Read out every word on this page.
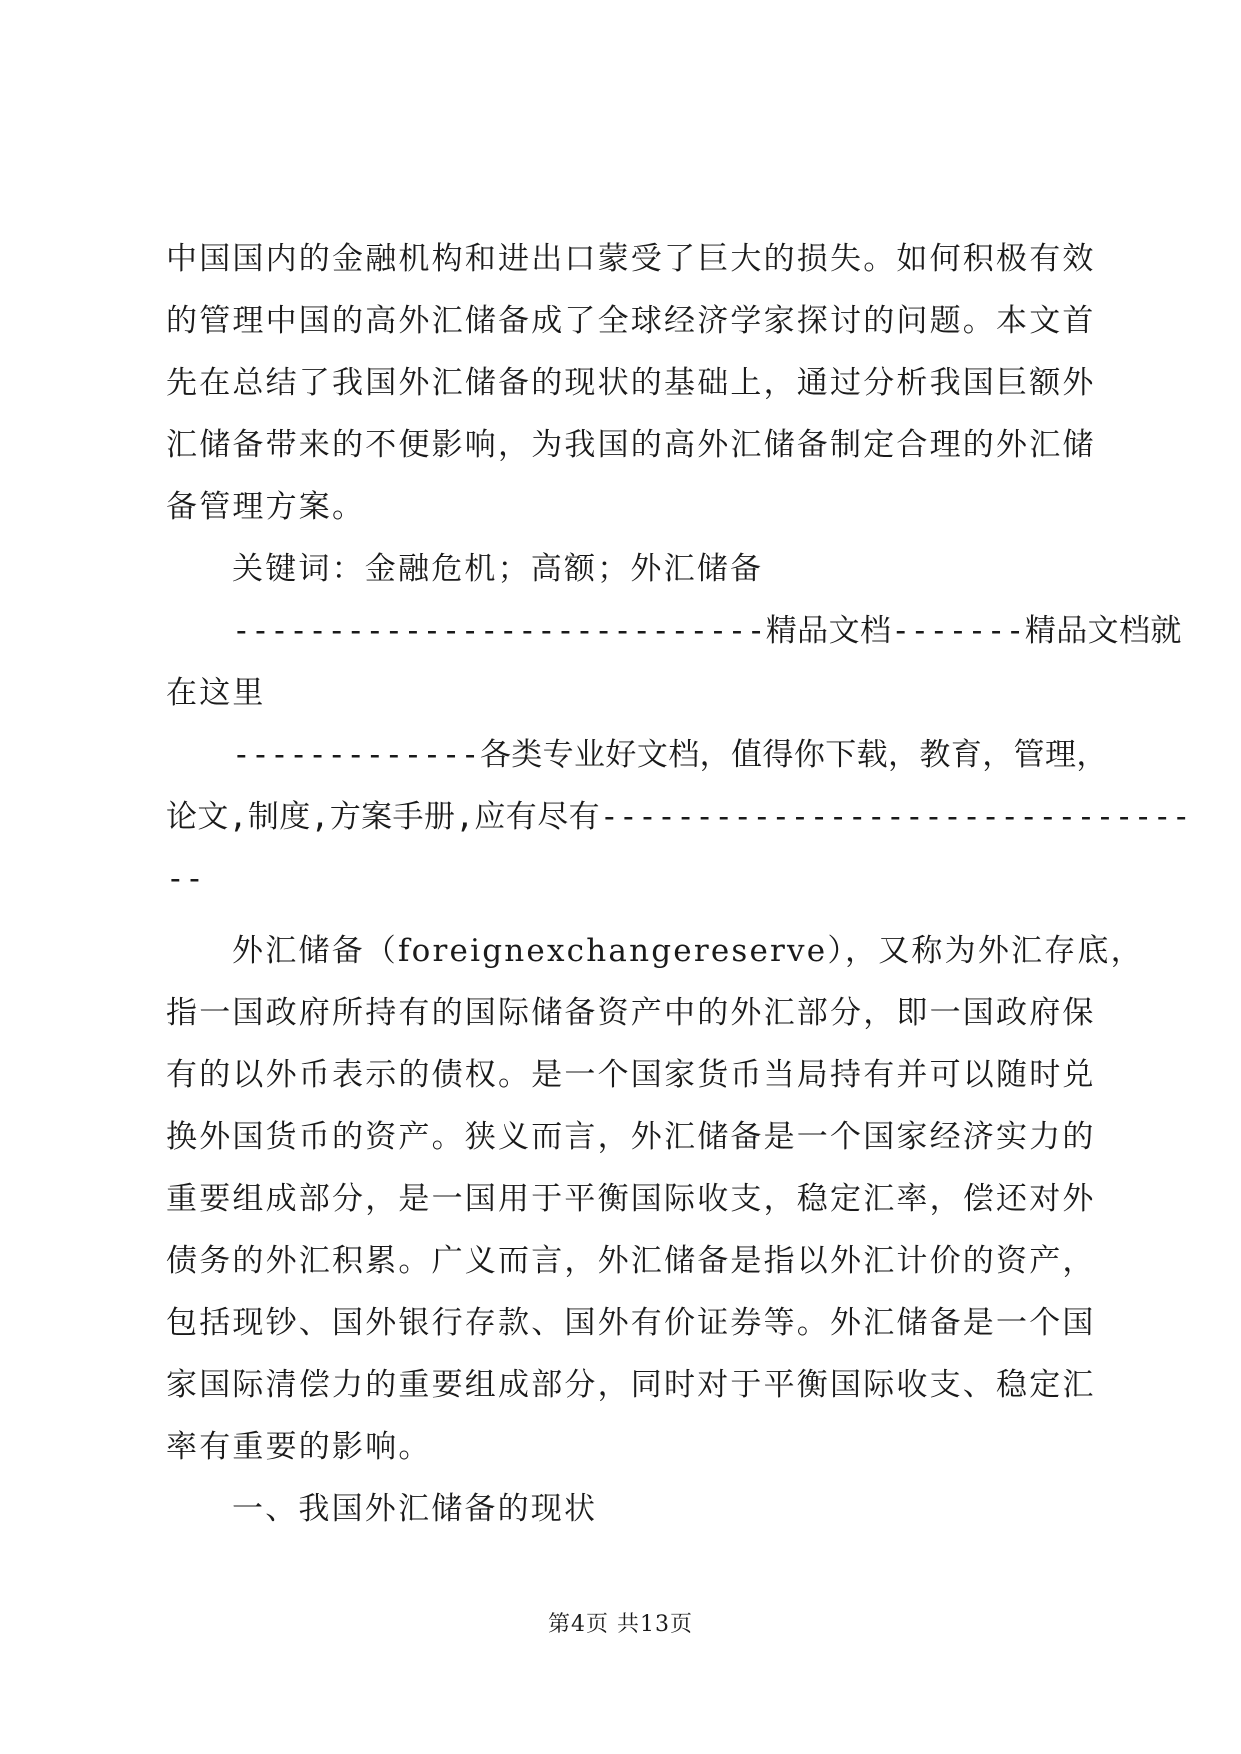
中国国内的金融机构和进出口蒙受了巨大的损失。如何积极有效
的管理中国的高外汇储备成了全球经济学家探讨的问题。本文首
先在总结了我国外汇储备的现状的基础上，通过分析我国巨额外
汇储备带来的不便影响，为我国的高外汇储备制定合理的外汇储
备管理方案。
关键词：金融危机；高额；外汇储备
----------------------------精品文档-------精品文档就
在这里
-------------各类专业好文档，值得你下载，教育，管理，
论文,制度,方案手册,应有尽有-------------------------------
--
外汇储备（foreignexchangereserve），又称为外汇存底，
指一国政府所持有的国际储备资产中的外汇部分，即一国政府保
有的以外币表示的债权。是一个国家货币当局持有并可以随时兑
换外国货币的资产。狭义而言，外汇储备是一个国家经济实力的
重要组成部分，是一国用于平衡国际收支，稳定汇率，偿还对外
债务的外汇积累。广义而言，外汇储备是指以外汇计价的资产，
包括现钞、国外银行存款、国外有价证券等。外汇储备是一个国
家国际清偿力的重要组成部分，同时对于平衡国际收支、稳定汇
率有重要的影响。
一、我国外汇储备的现状
第4页 共13页
